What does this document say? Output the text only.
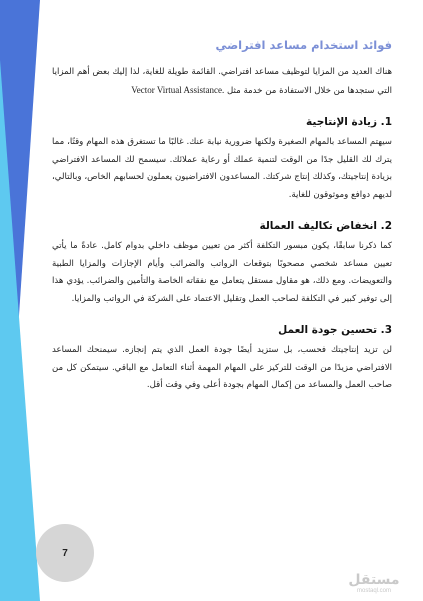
فوائد استخدام مساعد افتراضي

هناك العديد من المزايا لتوظيف مساعد افتراضي. القائمة طويلة للغاية، لذا إليك بعض أهم المزايا التي ستجدها من خلال الاستفادة من خدمة مثل Vector Virtual Assistance.

1. زيادة الإنتاجية

سيهتم المساعد بالمهام الصغيرة ولكنها ضرورية نيابة عنك. غالبًا ما تستغرق هذه المهام وقتًا، مما يترك لك القليل جدًا من الوقت لتنمية عملك أو رعاية عملائك. سيسمح لك المساعد الافتراضي بزيادة إنتاجيتك، وكذلك إنتاج شركتك. المساعدون الافتراضيون يعملون لحسابهم الخاص، وبالتالي، لديهم دوافع وموثوقون للغاية.

2. انخفاض تكاليف العمالة

كما ذكرنا سابقًا، يكون مبسور التكلفة أكثر من تعيين موظف داخلي بدوام كامل. عادةً ما يأتي تعيين مساعد شخصي مصحوبًا بتوقعات الرواتب والضرائب وأيام الإجازات والمزايا الطبية والتعويضات. ومع ذلك، هو مقاول مستقل يتعامل مع نفقاته الخاصة والتأمين والضرائب. يؤدي هذا إلى توفير كبير في التكلفة لصاحب العمل وتقليل الاعتماد على الشركة في الرواتب والمزايا.

3. تحسين جودة العمل

لن تزيد إنتاجيتك فحسب، بل ستزيد أيضًا جودة العمل الذي يتم إنجازه. سيمنحك المساعد الافتراضي مزيدًا من الوقت للتركيز على المهام المهمة أثناء التعامل مع الباقي. سيتمكن كل من صاحب العمل والمساعد من إكمال المهام بجودة أعلى وفي وقت أقل.

7
مستقل
mostaql.com
